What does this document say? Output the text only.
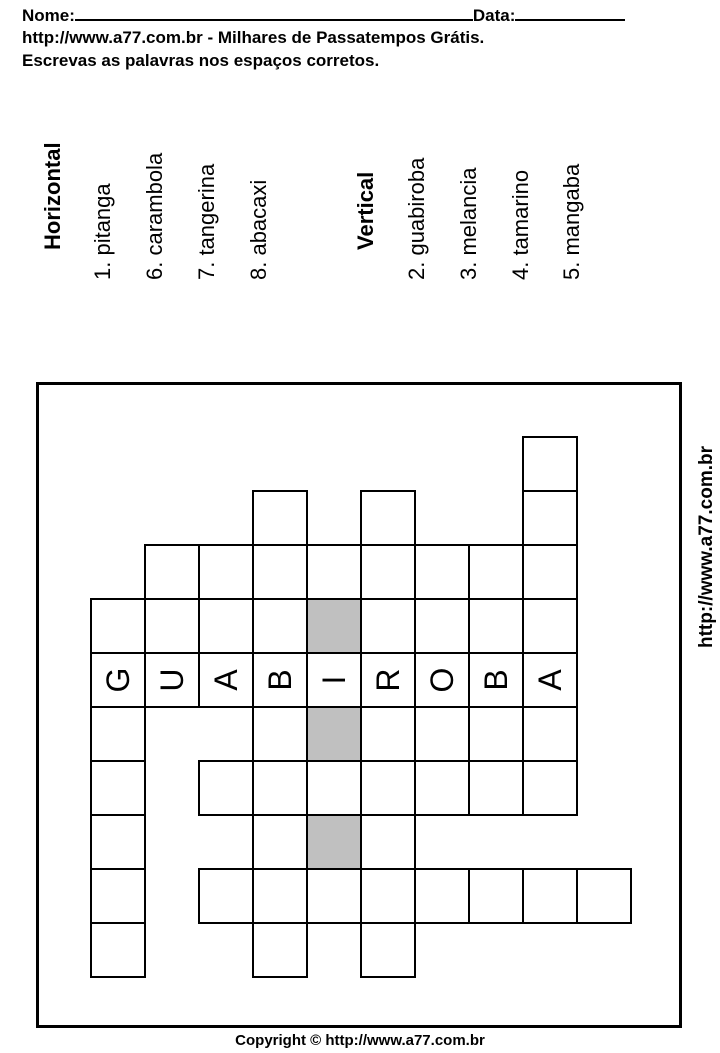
Nome:	Data:
http://www.a77.com.br - Milhares de Passatempos Grátis.
Escrevas as palavras nos espaços corretos.
Horizontal 1. pitanga 6. carambola 7. tangerina 8. abacaxi	Vertical 2. guabiroba 3. melancia 4. tamarino 5. mangaba
http://www.a77.com.br
G U A B I R O B A
Copyright © http://www.a77.com.br
